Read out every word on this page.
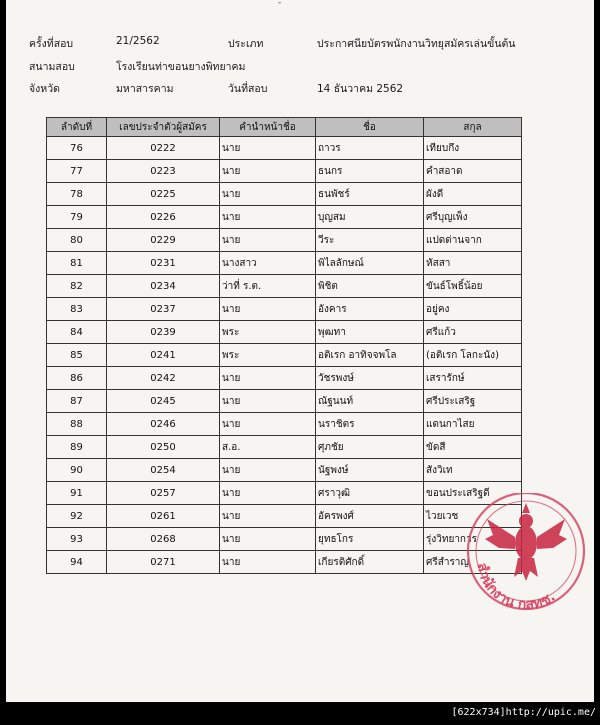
-
ครั้งที่สอบ	21/2562	ประเภท	ประกาศนียบัตรพนักงานวิทยุสมัครเล่นขั้นต้น
สนามสอบ	โรงเรียนท่าขอนยางพิทยาคม
จังหวัด	มหาสารคาม	วันที่สอบ	14 ธันวาคม 2562
ลำดับที่	เลขประจำตัวผู้สมัคร	คำนำหน้าชื่อ	ชื่อ	สกุล
76	0222	นาย	ถาวร	เทียบกึง
77	0223	นาย	ธนกร	คำสอาด
78	0225	นาย	ธนพัชร์	ผังดี
79	0226	นาย	บุญสม	ศรีบุญเพ็ง
80	0229	นาย	วีระ	แปดด่านจาก
81	0231	นางสาว	พิไลลักษณ์	หัสสา
82	0234	ว่าที่ ร.ต.	พิชิต	ขันธ์โพธิ์น้อย
83	0237	นาย	อังคาร	อยู่คง
84	0239	พระ	พุฒทา	ศรีแก้ว
85	0241	พระ	อติเรก อาทิจจพโล	(อติเรก โลกะนัง)
86	0242	นาย	วัชรพงษ์	เสรารักษ์
87	0245	นาย	ณัฐนนท์	ศรีประเสริฐ
88	0246	นาย	นราชิตร	แดนกาไสย
89	0250	ส.อ.	ศุภชัย	ขัดสี
90	0254	นาย	นัฐพงษ์	สังวิเท
91	0257	นาย	ศราวุฒิ	ขอนประเสริฐดี
92	0261	นาย	อัครพงศ์	ไวยเวช
93	0268	นาย	ยุทธโกร	รุ่งวิทยาการ
94	0271	นาย	เกียรติศักดิ์	ศรีสำราญ สำนักงาน กสทช.
[622x734]http://upic.me/
